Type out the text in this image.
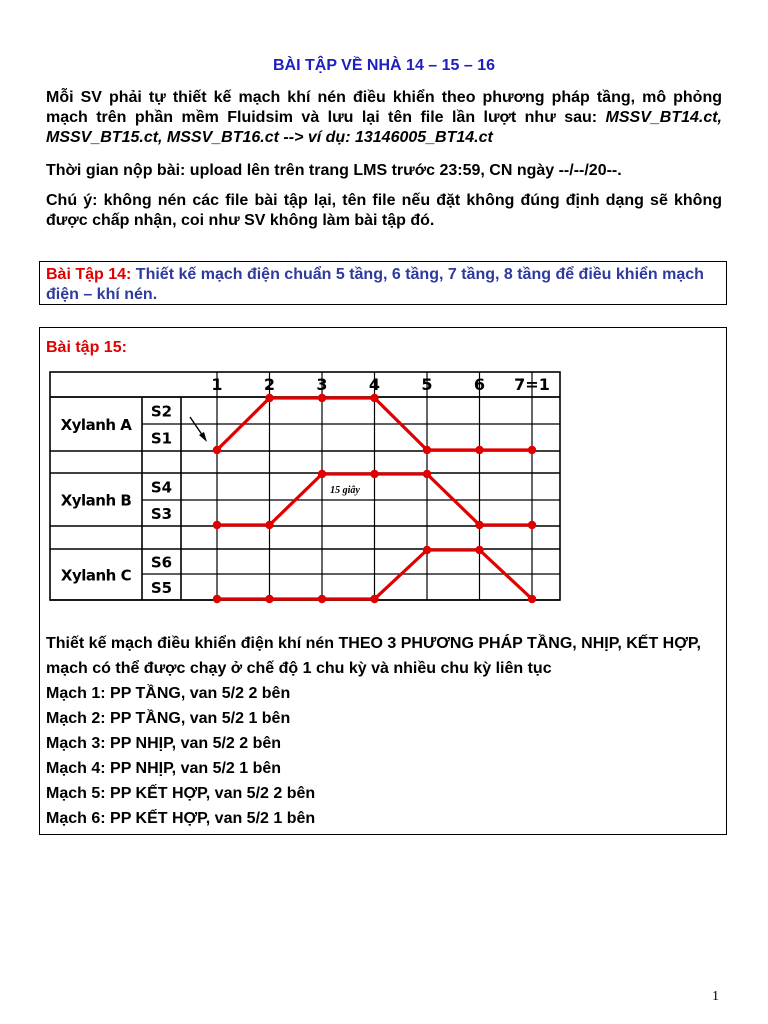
BÀI TẬP VỀ NHÀ 14 – 15 – 16
Mỗi SV phải tự thiết kế mạch khí nén điều khiển theo phương pháp tầng, mô phỏng mạch trên phần mềm Fluidsim và lưu lại tên file lần lượt như sau: MSSV_BT14.ct, MSSV_BT15.ct, MSSV_BT16.ct --> ví dụ: 13146005_BT14.ct
Thời gian nộp bài: upload lên trên trang LMS trước 23:59, CN ngày --/--/20--.
Chú ý: không nén các file bài tập lại, tên file nếu đặt không đúng định dạng sẽ không được chấp nhận, coi như SV không làm bài tập đó.
Bài Tập 14: Thiết kế mạch điện chuẩn 5 tầng, 6 tầng, 7 tầng, 8 tầng để điều khiển mạch điện – khí nén.
Bài tập 15:
1	2	3	4	5	6 7=1
Xylanh A
S2
S1
Xylanh B
S4
S3
Xylanh C
S6
S5
15 giây
Thiết kế mạch điều khiển điện khí nén THEO 3 PHƯƠNG PHÁP TẦNG, NHỊP, KẾT HỢP, mạch có thể được chạy ở chế độ 1 chu kỳ và nhiều chu kỳ liên tục
Mạch 1: PP TẦNG, van 5/2 2 bên
Mạch 2: PP TẦNG, van 5/2 1 bên
Mạch 3: PP NHỊP, van 5/2 2 bên
Mạch 4: PP NHỊP, van 5/2 1 bên
Mạch 5: PP KẾT HỢP, van 5/2 2 bên
Mạch 6: PP KẾT HỢP, van 5/2 1 bên
1
